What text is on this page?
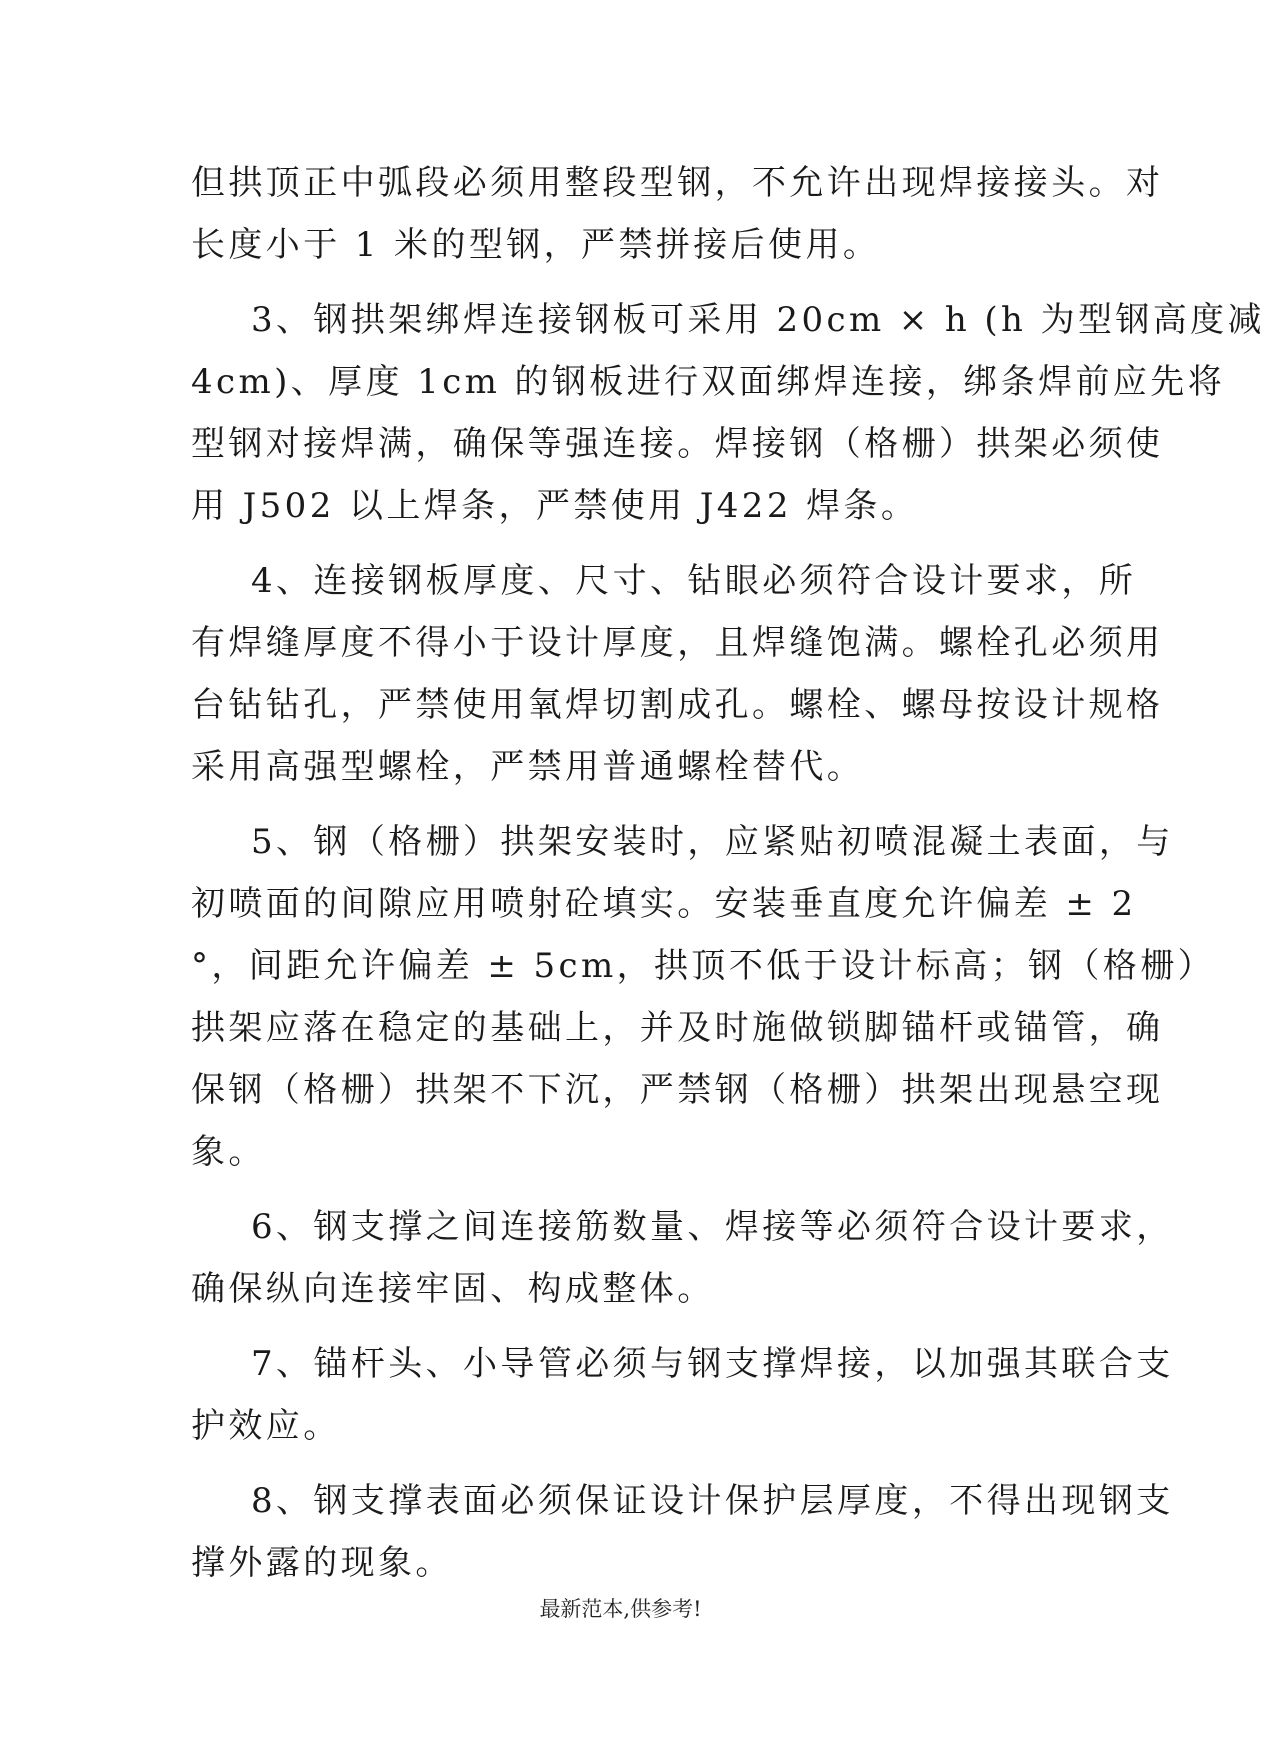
但拱顶正中弧段必须用整段型钢，不允许出现焊接接头。对
长度小于 1 米的型钢，严禁拼接后使用。
3、钢拱架绑焊连接钢板可采用 20cm × h (h 为型钢高度减
4cm)、厚度 1cm 的钢板进行双面绑焊连接，绑条焊前应先将
型钢对接焊满，确保等强连接。焊接钢（格栅）拱架必须使
用 J502 以上焊条，严禁使用 J422 焊条。
4、连接钢板厚度、尺寸、钻眼必须符合设计要求，所
有焊缝厚度不得小于设计厚度，且焊缝饱满。螺栓孔必须用
台钻钻孔，严禁使用氧焊切割成孔。螺栓、螺母按设计规格
采用高强型螺栓，严禁用普通螺栓替代。
5、钢（格栅）拱架安装时，应紧贴初喷混凝土表面，与
初喷面的间隙应用喷射砼填实。安装垂直度允许偏差 ± 2
°，间距允许偏差 ± 5cm，拱顶不低于设计标高；钢（格栅）
拱架应落在稳定的基础上，并及时施做锁脚锚杆或锚管，确
保钢（格栅）拱架不下沉，严禁钢（格栅）拱架出现悬空现
象。
6、钢支撑之间连接筋数量、焊接等必须符合设计要求，
确保纵向连接牢固、构成整体。
7、锚杆头、小导管必须与钢支撑焊接，以加强其联合支
护效应。
8、钢支撑表面必须保证设计保护层厚度，不得出现钢支
撑外露的现象。
最新范本,供参考!
